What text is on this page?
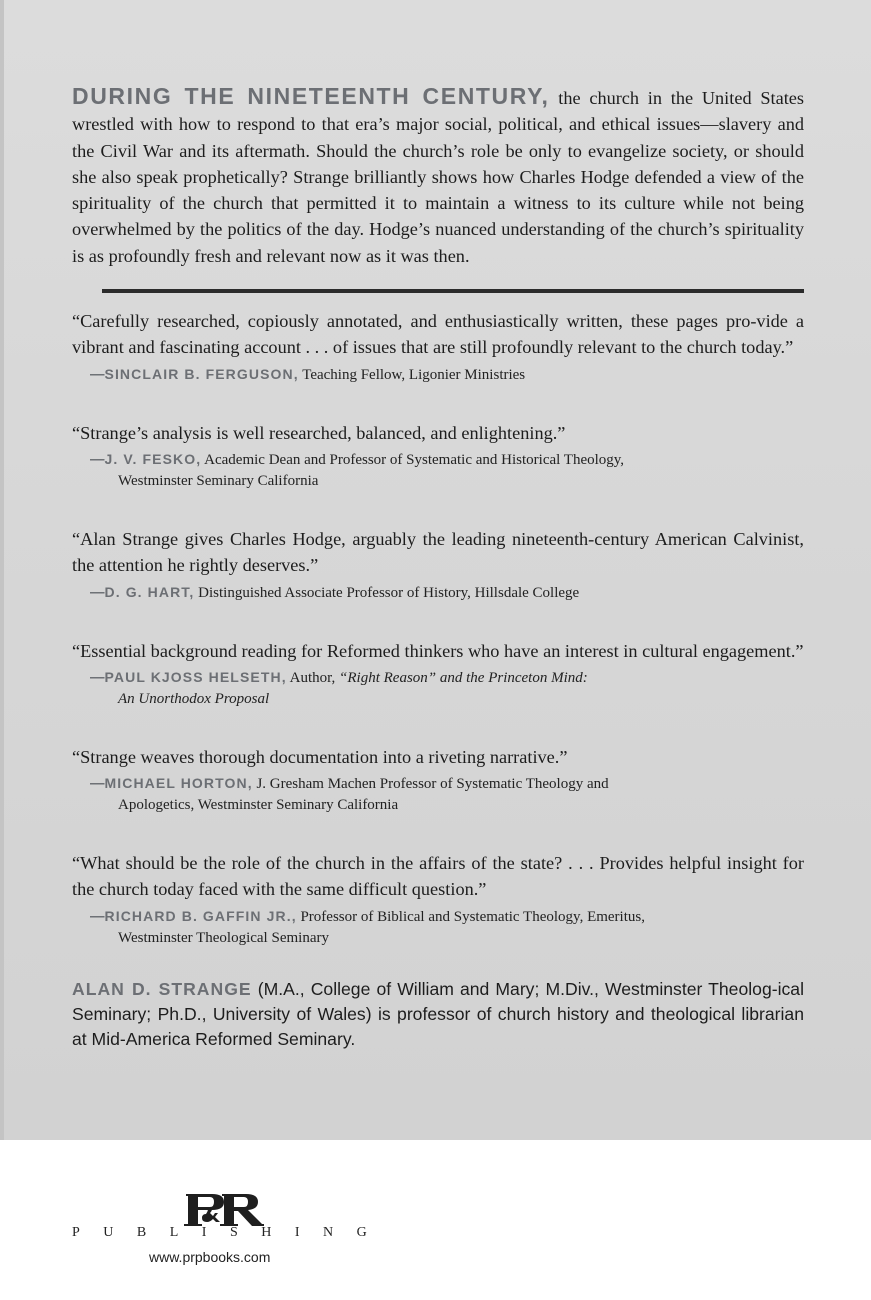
DURING THE NINETEENTH CENTURY, the church in the United States wrestled with how to respond to that era’s major social, political, and ethical issues—slavery and the Civil War and its aftermath. Should the church’s role be only to evangelize society, or should she also speak prophetically? Strange brilliantly shows how Charles Hodge defended a view of the spirituality of the church that permitted it to maintain a witness to its culture while not being overwhelmed by the politics of the day. Hodge’s nuanced understanding of the church’s spirituality is as profoundly fresh and relevant now as it was then.

“Carefully researched, copiously annotated, and enthusiastically written, these pages pro-vide a vibrant and fascinating account . . . of issues that are still profoundly relevant to the church today.”

—SINCLAIR B. FERGUSON, Teaching Fellow, Ligonier Ministries

“Strange’s analysis is well researched, balanced, and enlightening.”

—J. V. FESKO, Academic Dean and Professor of Systematic and Historical Theology,
Westminster Seminary California

“Alan Strange gives Charles Hodge, arguably the leading nineteenth-century American Calvinist, the attention he rightly deserves.”

—D. G. HART, Distinguished Associate Professor of History, Hillsdale College

“Essential background reading for Reformed thinkers who have an interest in cultural engagement.”

—PAUL KJOSS HELSETH, Author, “Right Reason” and the Princeton Mind:
An Unorthodox Proposal

“Strange weaves thorough documentation into a riveting narrative.”

—MICHAEL HORTON, J. Gresham Machen Professor of Systematic Theology and
Apologetics, Westminster Seminary California

“What should be the role of the church in the affairs of the state? . . . Provides helpful insight for the church today faced with the same difficult question.”

—RICHARD B. GAFFIN JR., Professor of Biblical and Systematic Theology, Emeritus,
Westminster Theological Seminary

ALAN D. STRANGE (M.A., College of William and Mary; M.Div., Westminster Theolog-ical Seminary; Ph.D., University of Wales) is professor of church history and theological librarian at Mid-America Reformed Seminary.

PUBLISHING
www.prpbooks.com
